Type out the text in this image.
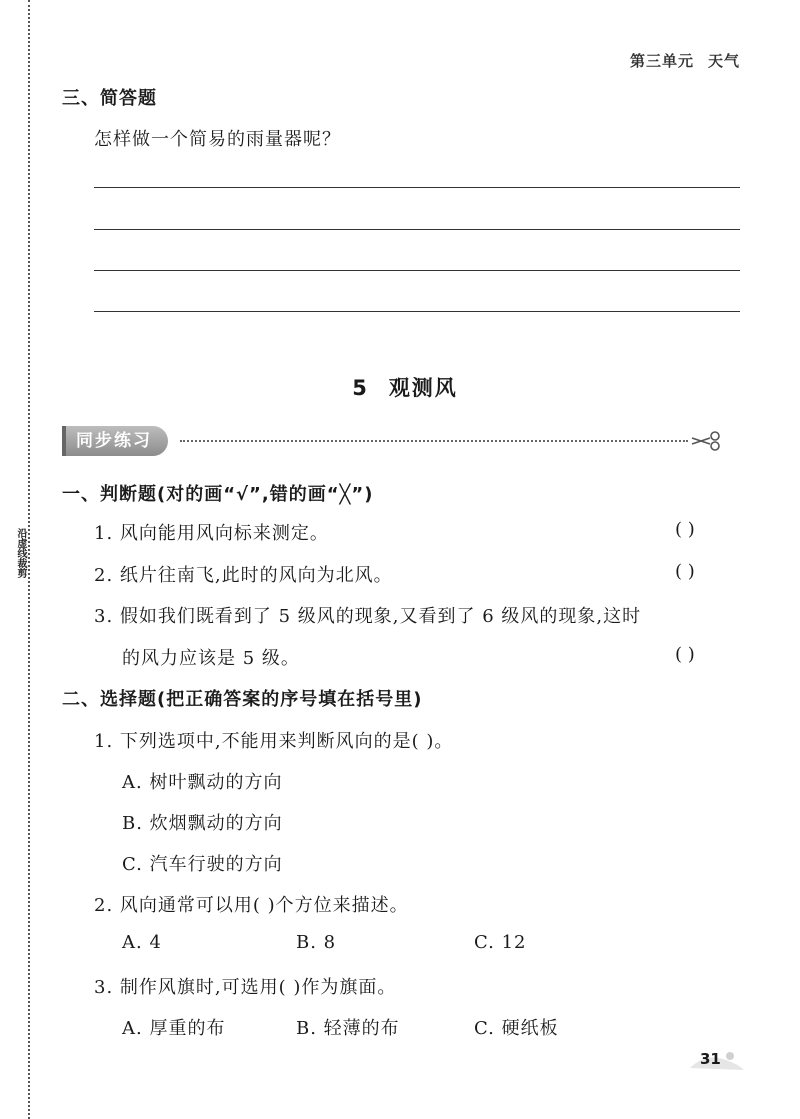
沿虚线裁剪
第三单元 天气
三、简答题
怎样做一个简易的雨量器呢？
5 观测风
同步练习
一、判断题(对的画“√”,错的画“╳”)
1. 风向能用风向标来测定。	( )
2. 纸片往南飞,此时的风向为北风。	( )
3. 假如我们既看到了 5 级风的现象,又看到了 6 级风的现象,这时
的风力应该是 5 级。	( )
二、选择题(把正确答案的序号填在括号里)
1. 下列选项中,不能用来判断风向的是( )。
A. 树叶飘动的方向
B. 炊烟飘动的方向
C. 汽车行驶的方向
2. 风向通常可以用( )个方位来描述。
A. 4	B. 8	C. 12
3. 制作风旗时,可选用( )作为旗面。
A. 厚重的布	B. 轻薄的布	C. 硬纸板
31
